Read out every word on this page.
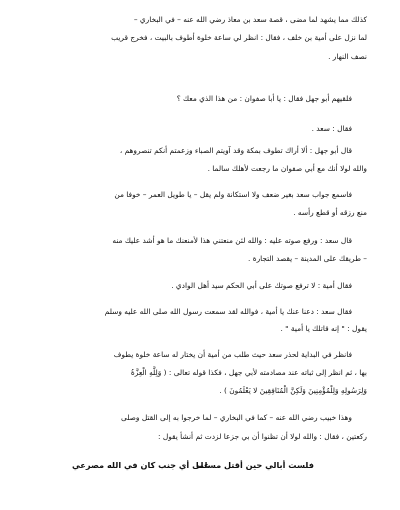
كذلك مما يشهد لما مضى ، قصة سعد بن معاذ رضي الله عنه – في البخاري –
لما نزل على أمية بن خلف ، فقال : انظر لي ساعة خلوة أطوف بالبيت ، فخرج قريب
نصف النهار .
فلقيهم أبو جهل فقال : يا أبا صفوان : من هذا الذي معك ؟
فقال : سعد .
قال أبو جهل : ألا أراك تطوف بمكة وقد آويتم الصباء وزعمتم أنكم تنصروهم ،
والله لولا أنك مع أبي صفوان ما رجعت لأهلك سالما .
فاسمع جواب سعد بغير ضعف ولا استكانة ولم يقل – يا طويل العمر – خوفا من
منع رزقه أو قطع رأسه .
قال سعد : ورفع صوته عليه : والله لئن منعتني هذا لأمنعنك ما هو أشد عليك منه
– طريقك على المدينة – يقصد التجارة .
فقال أمية : لا ترفع صوتك على أبي الحكم سيد أهل الوادي .
فقال سعد : دعنا عنك يا أمية ، فوالله لقد سمعت رسول الله صلى الله عليه وسلم
يقول : " إنه قاتلك يا أمية " .
فانظر في البداية لحذر سعد حيث طلب من أمية أن يختار له ساعة خلوة يطوف
بها ، ثم انظر إلى ثباته عند مصادمته لأبي جهل ، فكذا قوله تعالى : ( وَلِلَّهِ الْعِزَّةُ
وَلِرَسُولِهِ وَلِلْمُؤْمِنِينَ وَلَكِنَّ الْمُنَافِقِينَ لا يَعْلَمُونَ ) .
وهذا خبيب رضي الله عنه – كما في البخاري – لما خرجوا به إلى القتل وصلى
ركعتين ، فقال : والله لولا أن تظنوا أن بي جزعا لزدت ثم أنشأ يقول :
فلست أبالي حين أقتل مسلما
على أي جنب كان في الله مصرعي
